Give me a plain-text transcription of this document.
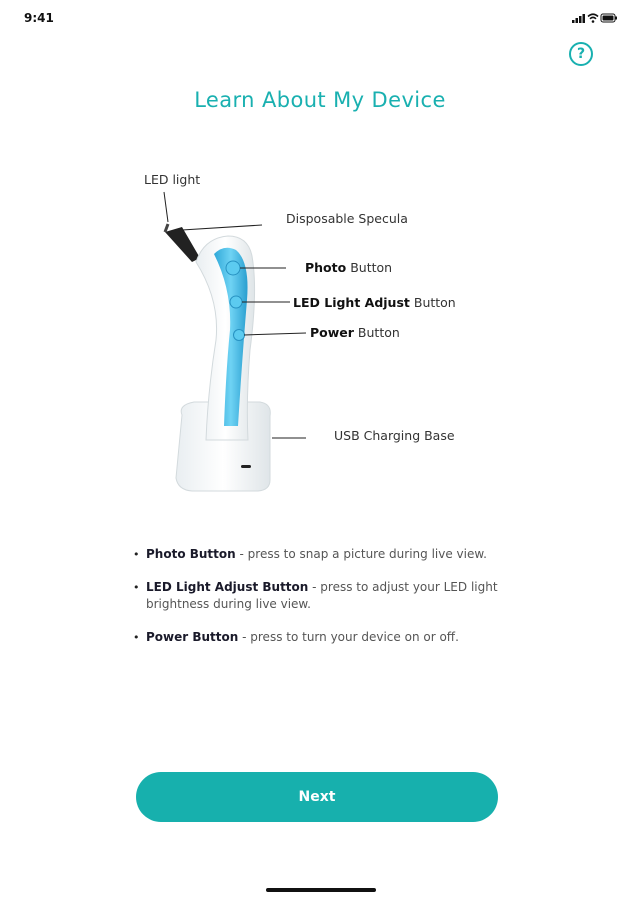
9:41
?
Learn About My Device
LED light
Disposable Specula
Photo Button
LED Light Adjust Button
Power Button
USB Charging Base
• Photo Button - press to snap a picture during live view.
• LED Light Adjust Button - press to adjust your LED light brightness during live view.
• Power Button - press to turn your device on or off.
Next
